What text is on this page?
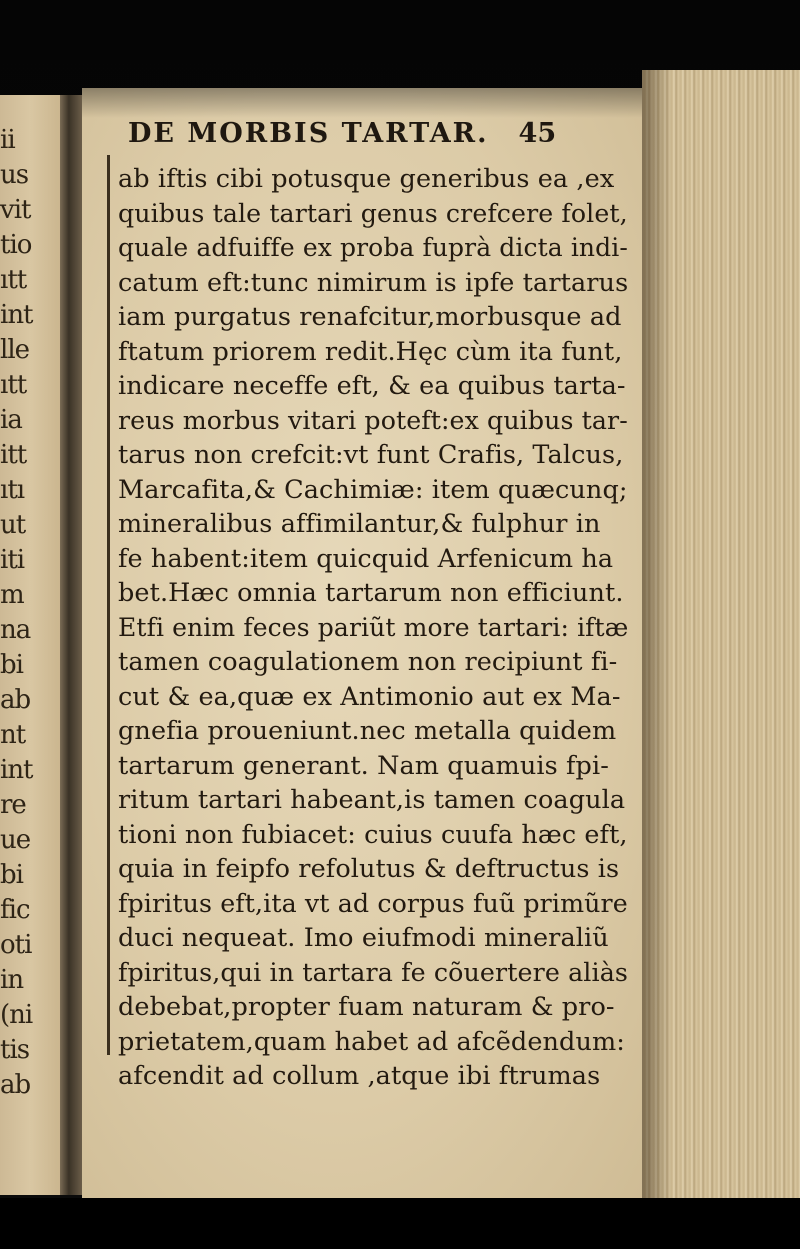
ii
us
vit
tio
ıtt
int
lle
ıtt
ia
itt
ıtı
ut
iti
m
na
bi
ab
nt
int
re
ue
bi
fic
oti
in
(ni
tis
ab
DE MORBIS TARTAR. 45
ab iftis cibi potusque generibus ea ,ex
quibus tale tartari genus crefcere folet,
quale adfuiffe ex proba fuprà dicta indi-
catum eft:tunc nimirum is ipfe tartarus
iam purgatus renafcitur,morbusque ad
ftatum priorem redit.Hęc cùm ita funt,
indicare neceffe eft, & ea quibus tarta-
reus morbus vitari poteft:ex quibus tar-
tarus non crefcit:vt funt Crafis, Talcus,
Marcafita,& Cachimiæ: item quæcunq;
mineralibus affimilantur,& fulphur in
fe habent:item quicquid Arfenicum ha
bet.Hæc omnia tartarum non efficiunt.
Etfi enim feces pariũt more tartari: iftæ
tamen coagulationem non recipiunt fi-
cut & ea,quæ ex Antimonio aut ex Ma-
gnefia proueniunt.nec metalla quidem
tartarum generant. Nam quamuis fpi-
ritum tartari habeant,is tamen coagula
tioni non fubiacet: cuius cuufa hæc eft,
quia in feipfo refolutus & deftructus is
fpiritus eft,ita vt ad corpus fuũ primũre
duci nequeat. Imo eiufmodi mineraliũ
fpiritus,qui in tartara fe cõuertere aliàs
debebat,propter fuam naturam & pro-
prietatem,quam habet ad afcẽdendum:
afcendit ad collum ,atque ibi ftrumas
